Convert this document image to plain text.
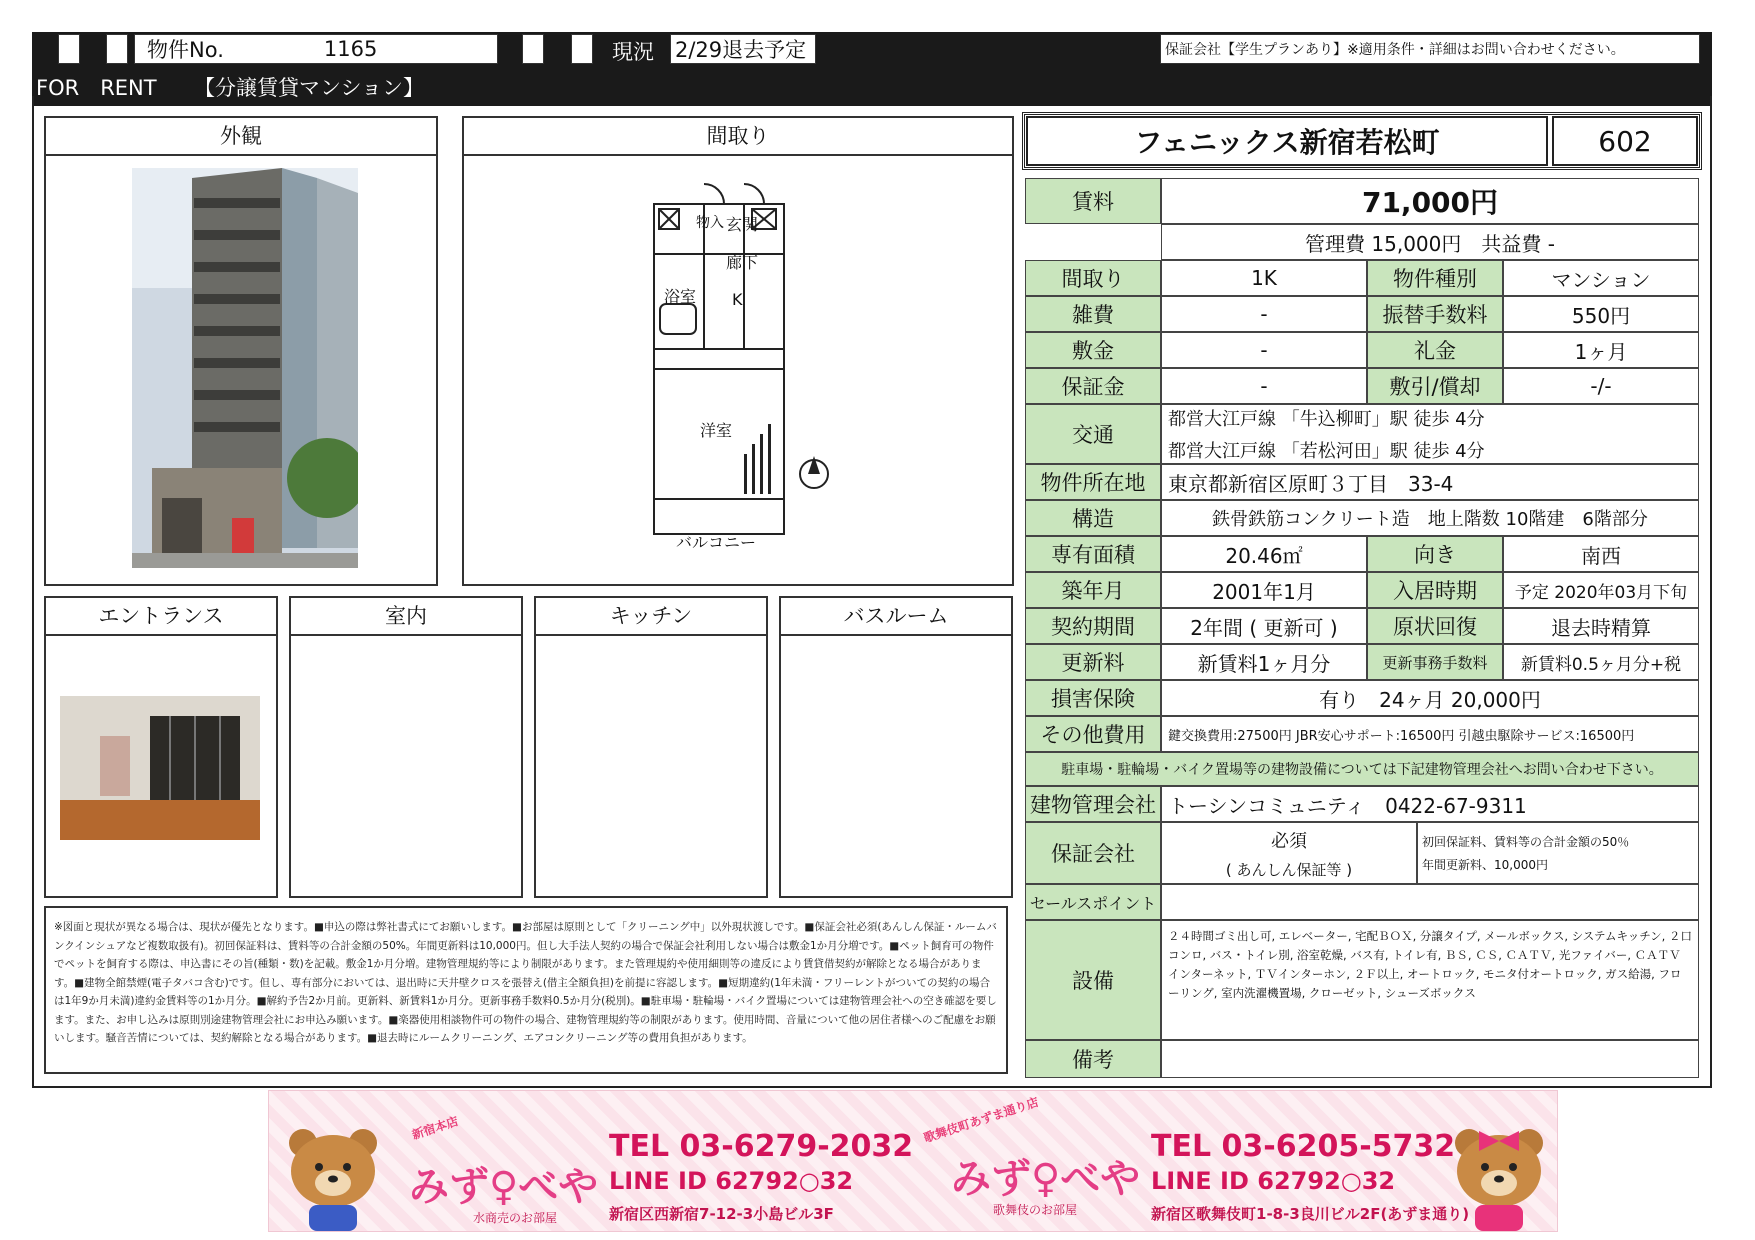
物件No.	1165	現況 2/29退去予定	保証会社【学生プランあり】※適用条件・詳細はお問い合わせください。
FOR　RENT 【分譲賃貸マンション】
外観	間取り
物入 玄関
廊下
浴室 K
洋室
バルコニー
エントランス	室内	キッチン	バスルーム
※図面と現状が異なる場合は、現状が優先となります。■申込の際は弊社書式にてお願いします。■お部屋は原則として「クリーニング中」以外現状渡しです。■保証会社必須(あんしん保証・ルームバンクインシュアなど複数取扱有)。初回保証料は、賃料等の合計金額の50%。年間更新料は10,000円。但し大手法人契約の場合で保証会社利用しない場合は敷金1か月分増です。■ペット飼育可の物件でペットを飼育する際は、申込書にその旨(種類・数)を記載。敷金1か月分増。建物管理規約等により制限があります。また管理規約や使用細則等の違反により賃貸借契約が解除となる場合があります。■建物全館禁煙(電子タバコ含む)です。但し、専有部分においては、退出時に天井壁クロスを張替え(借主全額負担)を前提に容認します。■短期違約(1年未満・フリーレントがついての契約の場合は1年9か月未満)違約金賃料等の1か月分。■解約予告2か月前。更新料、新賃料1か月分。更新事務手数料0.5か月分(税別)。■駐車場・駐輪場・バイク置場については建物管理会社への空き確認を要します。また、お申し込みは原則別途建物管理会社にお申込み願います。■楽器使用相談物件可の物件の場合、建物管理規約等の制限があります。使用時間、音量について他の居住者様へのご配慮をお願いします。騒音苦情については、契約解除となる場合があります。■退去時にルームクリーニング、エアコンクリーニング等の費用負担があります。
フェニックス新宿若松町	602
賃料	71,000円
管理費 15,000円　共益費 -
間取り	1K	物件種別	マンション
雑費	-	振替手数料	550円
敷金	-	礼金	1ヶ月
保証金	-	敷引/償却	-/-
交通
都営大江戸線 「牛込柳町」駅 徒歩 4分
都営大江戸線 「若松河田」駅 徒歩 4分
物件所在地	東京都新宿区原町３丁目　33-4
構造	鉄骨鉄筋コンクリート造　地上階数 10階建　6階部分
専有面積	20.46㎡	向き	南西
築年月	2001年1月	入居時期	予定 2020年03月下旬
契約期間	2年間 ( 更新可 )	原状回復	退去時精算
更新料	新賃料1ヶ月分	更新事務手数料	新賃料0.5ヶ月分+税
損害保険	有り　24ヶ月 20,000円
その他費用	鍵交換費用:27500円 JBR安心サポート:16500円 引越虫駆除サービス:16500円
駐車場・駐輪場・バイク置場等の建物設備については下記建物管理会社へお問い合わせ下さい。
建物管理会社 トーシンコミュニティ　0422-67-9311
保証会社
必須
( あんしん保証等 )
初回保証料、賃料等の合計金額の50％
年間更新料、10,000円
セールスポイント
設備
２４時間ゴミ出し可, エレベーター, 宅配ＢＯＸ, 分譲タイプ, メールボックス, システムキッチン, ２口コンロ, バス・トイレ別, 浴室乾燥, バス有, トイレ有, ＢＳ, ＣＳ, ＣＡＴＶ, 光ファイバー, ＣＡＴＶインターネット, ＴＶインターホン, ２Ｆ以上, オートロック, モニタ付オートロック, ガス給湯, フローリング, 室内洗濯機置場, クローゼット, シューズボックス
備考
新宿本店
みず♀べや
水商売のお部屋
TEL 03-6279-2032
LINE ID 62792○32
新宿区西新宿7-12-3小島ビル3F
歌舞伎町あずま通り店
みず♀べや
歌舞伎のお部屋
TEL 03-6205-5732
LINE ID 62792○32
新宿区歌舞伎町1-8-3良川ビル2F(あずま通り)
